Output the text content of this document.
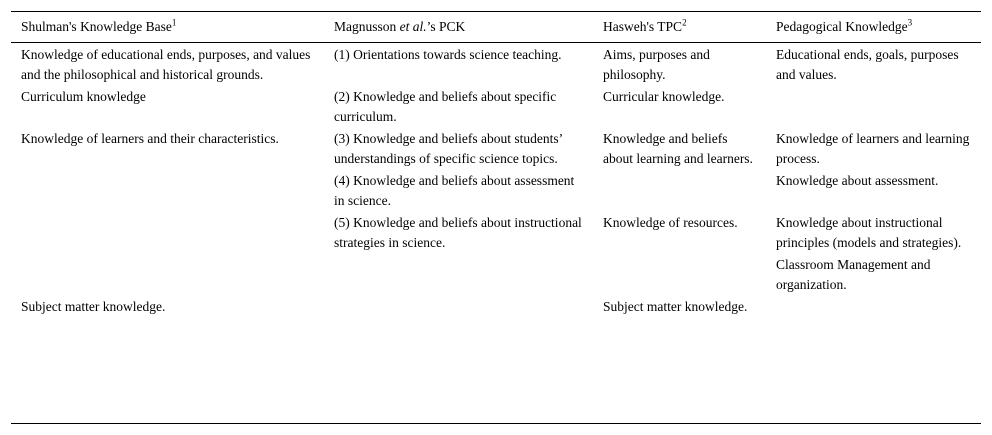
Shulman's Knowledge Base$^1$	Magnusson et al.’s PCK	Hasweh's TPC$^2$	Pedagogical Knowledge$^3$
Knowledge of educational ends, purposes, and values and the philosophical and historical grounds.	(1) Orientations towards science teaching.	Aims, purposes and philosophy.	Educational ends, goals, purposes and values.
Curriculum knowledge	(2) Knowledge and beliefs about specific curriculum.	Curricular knowledge.	
Knowledge of learners and their characteristics.	(3) Knowledge and beliefs about students’ understandings of specific science topics.	Knowledge and beliefs about learning and learners.	Knowledge of learners and learning process.
	(4) Knowledge and beliefs about assessment in science.		Knowledge about assessment.
	(5) Knowledge and beliefs about instructional strategies in science.	Knowledge of resources.	Knowledge about instructional principles (models and strategies).
			Classroom Management and organization.
Subject matter knowledge.		Subject matter knowledge.	
